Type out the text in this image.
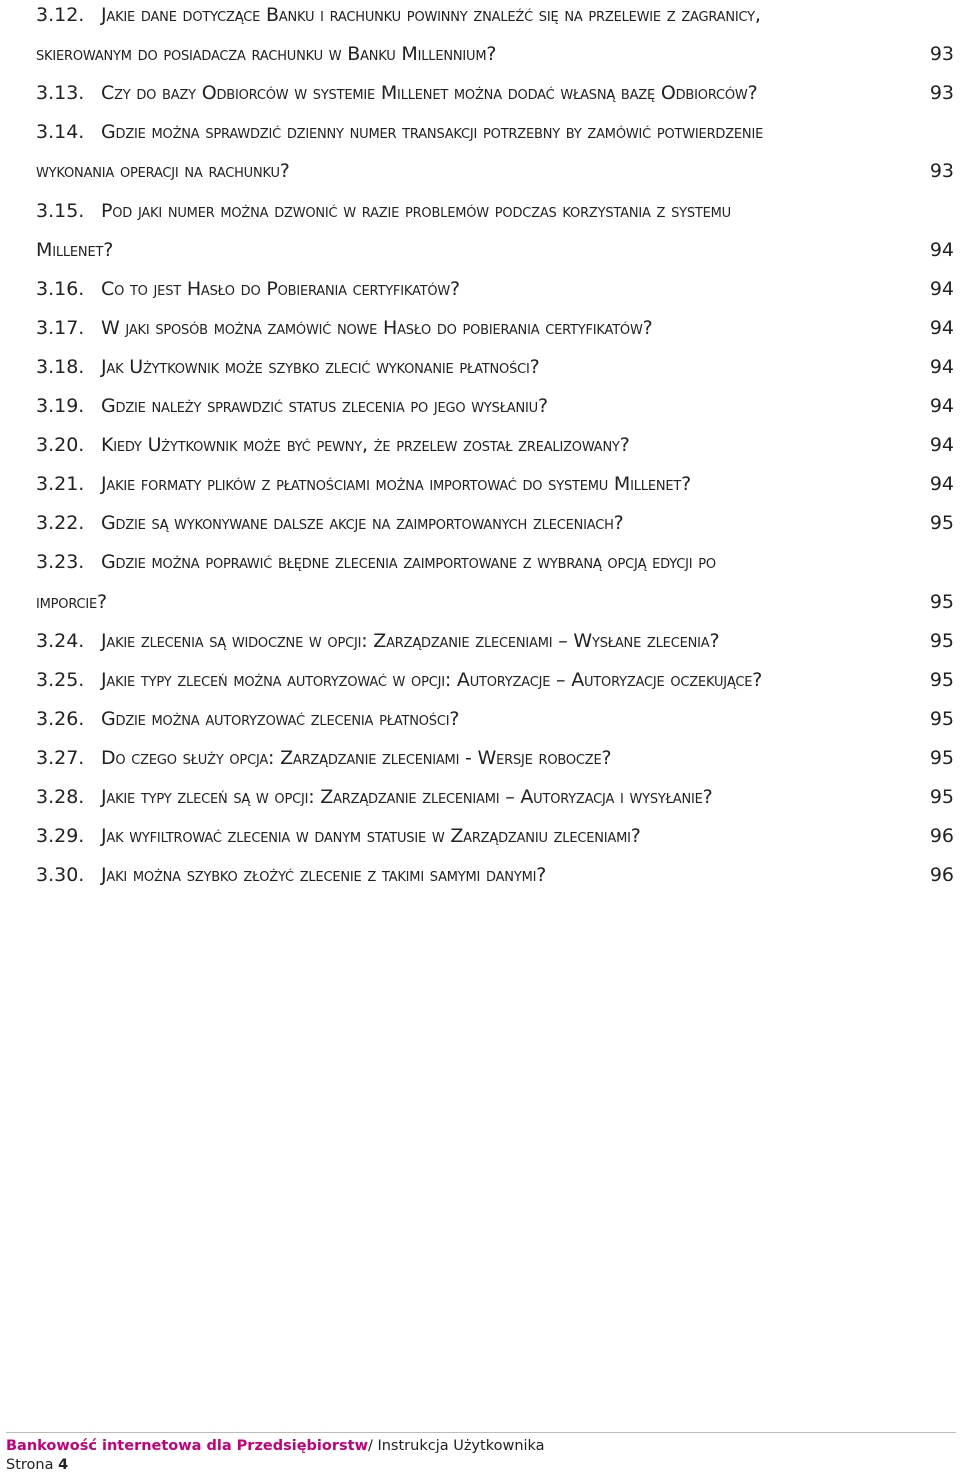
3.12. Jakie dane dotyczące Banku i rachunku powinny znaleźć się na przelewie z zagranicy,
skierowanym do posiadacza rachunku w Banku Millennium?	93
3.13. Czy do bazy Odbiorców w systemie Millenet można dodać własną bazę Odbiorców?	93
3.14. Gdzie można sprawdzić dzienny numer transakcji potrzebny by zamówić potwierdzenie
wykonania operacji na rachunku?	93
3.15. Pod jaki numer można dzwonić w razie problemów podczas korzystania z systemu
Millenet?	94
3.16. Co to jest Hasło do Pobierania certyfikatów?	94
3.17. W jaki sposób można zamówić nowe Hasło do pobierania certyfikatów?	94
3.18. Jak Użytkownik może szybko zlecić wykonanie płatności?	94
3.19. Gdzie należy sprawdzić status zlecenia po jego wysłaniu?	94
3.20. Kiedy Użytkownik może być pewny, że przelew został zrealizowany?	94
3.21. Jakie formaty plików z płatnościami można importować do systemu Millenet?	94
3.22. Gdzie są wykonywane dalsze akcje na zaimportowanych zleceniach?	95
3.23. Gdzie można poprawić błędne zlecenia zaimportowane z wybraną opcją edycji po
imporcie?	95
3.24. Jakie zlecenia są widoczne w opcji: Zarządzanie zleceniami – Wysłane zlecenia?	95
3.25. Jakie typy zleceń można autoryzować w opcji: Autoryzacje – Autoryzacje oczekujące?	95
3.26. Gdzie można autoryzować zlecenia płatności?	95
3.27. Do czego służy opcja: Zarządzanie zleceniami - Wersje robocze?	95
3.28. Jakie typy zleceń są w opcji: Zarządzanie zleceniami – Autoryzacja i wysyłanie?	95
3.29. Jak wyfiltrować zlecenia w danym statusie w Zarządzaniu zleceniami?	96
3.30. Jaki można szybko złożyć zlecenie z takimi samymi danymi?	96
Bankowość internetowa dla Przedsiębiorstw/ Instrukcja Użytkownika
Strona 4
